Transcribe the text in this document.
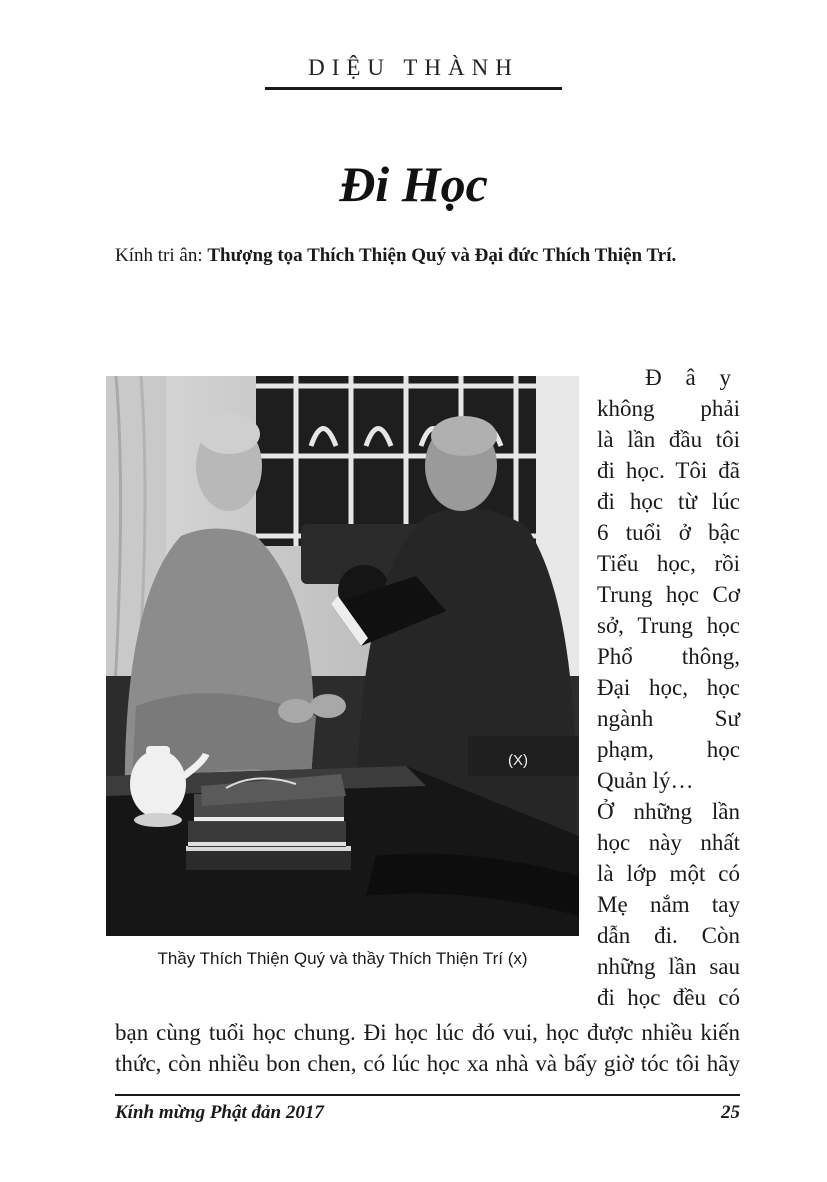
DIỆU THÀNH
Đi Học
Kính tri ân: Thượng tọa Thích Thiện Quý và Đại đức Thích Thiện Trí.
(X)
Thầy Thích Thiện Quý và thầy Thích Thiện Trí (x)
Đ â y
không phải
là lần đầu tôi
đi học. Tôi đã
đi học từ lúc
6 tuổi ở bậc
Tiểu học, rồi
Trung học Cơ
sở, Trung học
Phổ thông,
Đại học, học
ngành Sư
phạm, học
Quản lý…
Ở những lần
học này nhất
là lớp một có
Mẹ nắm tay
dẫn đi. Còn
những lần sau
đi học đều có
bạn cùng tuổi học chung. Đi học lúc đó vui, học được nhiều kiến
thức, còn nhiều bon chen, có lúc học xa nhà và bấy giờ tóc tôi hãy
Kính mừng Phật đản 2017	25
